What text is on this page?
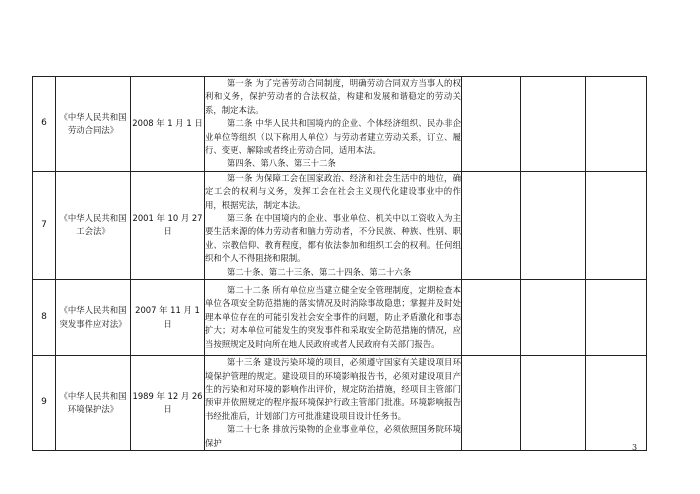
6	《中华人民共和国劳动合同法》	2008 年 1 月 1 日	第一条 为了完善劳动合同制度，明确劳动合同双方当事人的权利和义务，保护劳动者的合法权益，构建和发展和谐稳定的劳动关系，制定本法。

第二条 中华人民共和国境内的企业、个体经济组织、民办非企业单位等组织（以下称用人单位）与劳动者建立劳动关系，订立、履行、变更、解除或者终止劳动合同，适用本法。

第四条、第八条、第三十二条			

7	《中华人民共和国工会法》	2001 年 10 月 27 日	第一条 为保障工会在国家政治、经济和社会生活中的地位，确定工会的权利与义务，发挥工会在社会主义现代化建设事业中的作用，根据宪法，制定本法。

第三条 在中国境内的企业、事业单位、机关中以工资收入为主要生活来源的体力劳动者和脑力劳动者，不分民族、种族、性别、职业、宗教信仰、教育程度，都有依法参加和组织工会的权利。任何组织和个人不得阻挠和限制。

第二十条、第二十三条、第二十四条、第二十六条			

8	《中华人民共和国突发事件应对法》	2007 年 11 月 1 日	第二十二条 所有单位应当建立健全安全管理制度，定期检查本单位各项安全防范措施的落实情况及时消除事故隐患；掌握并及时处理本单位存在的可能引发社会安全事件的问题，防止矛盾激化和事态扩大；对本单位可能发生的突发事件和采取安全防范措施的情况，应当按照规定及时向所在地人民政府或者人民政府有关部门报告。			

9	《中华人民共和国环境保护法》	1989 年 12 月 26 日	第十三条 建设污染环境的项目，必须遵守国家有关建设项目环境保护管理的规定。建设项目的环境影响报告书，必须对建设项目产生的污染和对环境的影响作出评价，规定防治措施，经项目主管部门预审并依照规定的程序报环境保护行政主管部门批准。环境影响报告书经批准后，计划部门方可批准建设项目设计任务书。

第二十七条 排放污染物的企业事业单位，必须依照国务院环境保护			

				3
